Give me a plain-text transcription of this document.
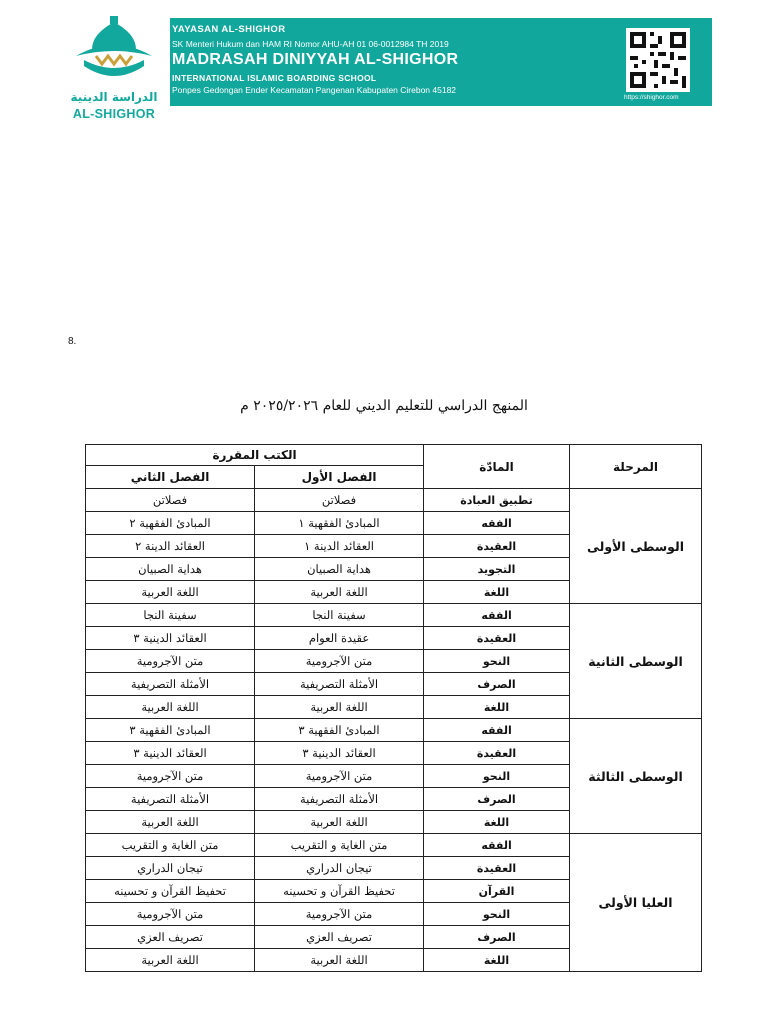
الدراسة الدينية
AL-SHIGHOR
YAYASAN AL-SHIGHOR
SK Menteri Hukum dan HAM RI Nomor AHU-AH 01 06-0012984 TH 2019
MADRASAH DINIYYAH AL-SHIGHOR
INTERNATIONAL ISLAMIC BOARDING SCHOOL
Ponpes Gedongan Ender Kecamatan Pangenan Kabupaten Cirebon 45182
https://shighor.com
8.
المنهج الدراسي للتعليم الديني للعام ٢٠٢٥/٢٠٢٦ م
المرحلة	المادّة	الكتب المقررة	
		الفصل الأول	الفصل الثاني
الوسطى الأولى	تطبيق العبادة	فصلاتن	فصلاتن
	الفقه	المبادئ الفقهية ١	المبادئ الفقهية ٢
	العقيدة	العقائد الدينة ١	العقائد الدينة ٢
	التجويد	هداية الصبيان	هداية الصبيان
	اللغة	اللغة العربية	اللغة العربية
الوسطى الثانية	الفقه	سفينة النجا	سفينة النجا
	العقيدة	عقيدة العوام	العقائد الدينية ٣
	النحو	متن الآجرومية	متن الآجرومية
	الصرف	الأمثلة التصريفية	الأمثلة التصريفية
	اللغة	اللغة العربية	اللغة العربية
الوسطى الثالثة	الفقه	المبادئ الفقهية ٣	المبادئ الفقهية ٣
	العقيدة	العقائد الدينية ٣	العقائد الدينية ٣
	النحو	متن الآجرومية	متن الآجرومية
	الصرف	الأمثلة التصريفية	الأمثلة التصريفية
	اللغة	اللغة العربية	اللغة العربية
العليا الأولى	الفقه	متن الغاية و التقريب	متن الغاية و التقريب
	العقيدة	تيجان الدراري	تيجان الدراري
	القرآن	تحفيظ القرآن و تحسينه	تحفيظ القرآن و تحسينه
	النحو	متن الآجرومية	متن الآجرومية
	الصرف	تصريف العزي	تصريف العزي
	اللغة	اللغة العربية	اللغة العربية
